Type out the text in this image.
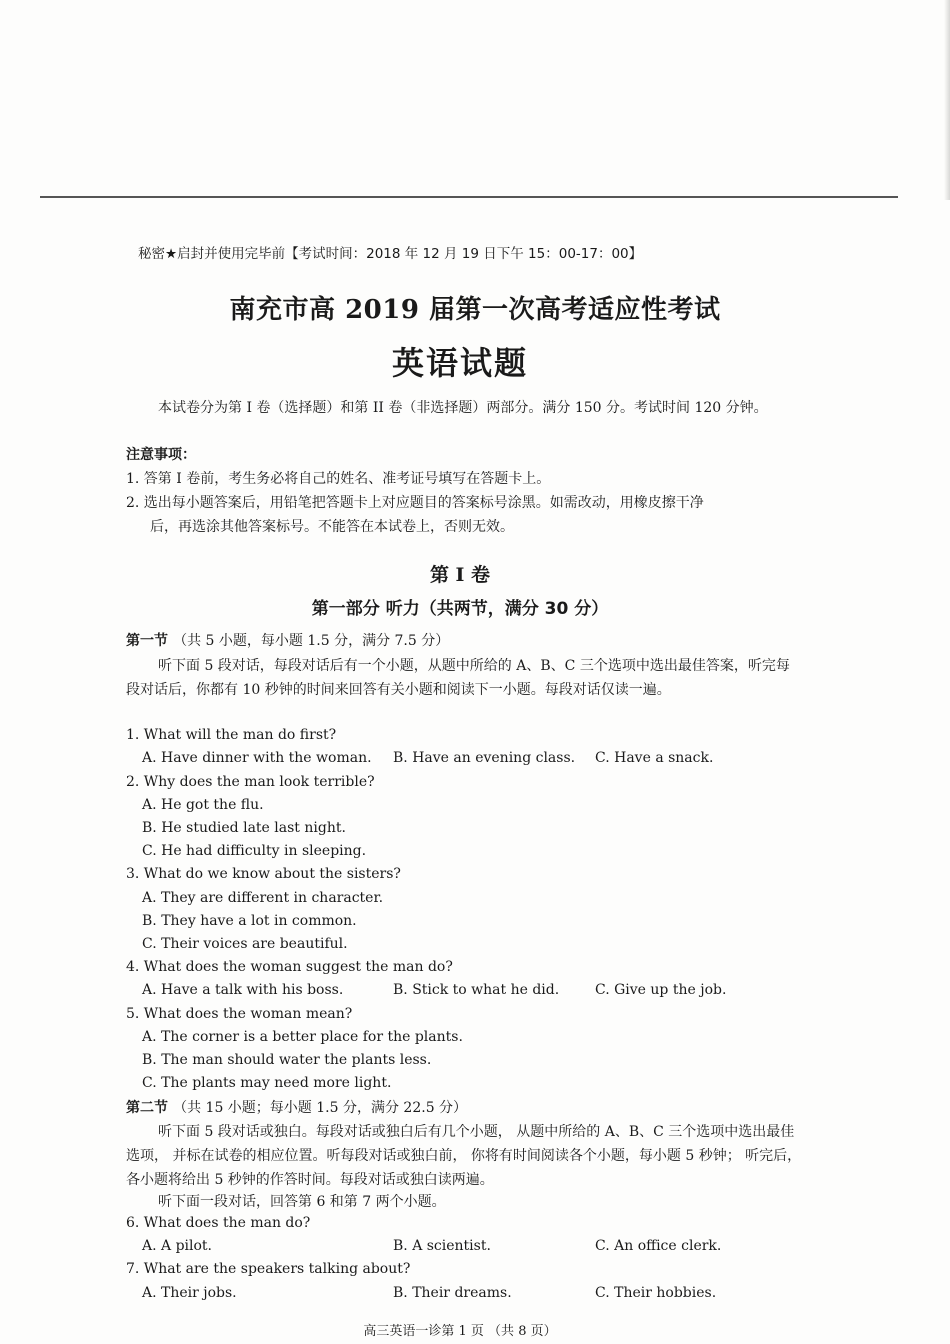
秘密★启封并使用完毕前【考试时间：2018 年 12 月 19 日下午 15：00-17：00】
南充市高 2019 届第一次高考适应性考试
英语试题
本试卷分为第 I 卷（选择题）和第 II 卷（非选择题）两部分。满分 150 分。考试时间 120 分钟。
注意事项：
1. 答第 I 卷前，考生务必将自己的姓名、准考证号填写在答题卡上。
2. 选出每小题答案后，用铅笔把答题卡上对应题目的答案标号涂黑。如需改动，用橡皮擦干净
后，再选涂其他答案标号。不能答在本试卷上，否则无效。
第 I 卷
第一部分 听力（共两节，满分 30 分）
第一节 （共 5 小题，每小题 1.5 分，满分 7.5 分）
听下面 5 段对话，每段对话后有一个小题，从题中所给的 A、B、C 三个选项中选出最佳答案，听完每段对话后，你都有 10 秒钟的时间来回答有关小题和阅读下一小题。每段对话仅读一遍。
1. What will the man do first?
A. Have dinner with the woman. B. Have an evening class. C. Have a snack.
2. Why does the man look terrible?
A. He got the flu.
B. He studied late last night.
C. He had difficulty in sleeping.
3. What do we know about the sisters?
A. They are different in character.
B. They have a lot in common.
C. Their voices are beautiful.
4. What does the woman suggest the man do?
A. Have a talk with his boss.	B. Stick to what he did.	C. Give up the job.
5. What does the woman mean?
A. The corner is a better place for the plants.
B. The man should water the plants less.
C. The plants may need more light.
第二节 （共 15 小题；每小题 1.5 分，满分 22.5 分）
听下面 5 段对话或独白。每段对话或独白后有几个小题， 从题中所给的 A、B、C 三个选项中选出最佳选项， 并标在试卷的相应位置。听每段对话或独白前， 你将有时间阅读各个小题，每小题 5 秒钟； 听完后， 各小题将给出 5 秒钟的作答时间。每段对话或独白读两遍。
听下面一段对话，回答第 6 和第 7 两个小题。
6. What does the man do?
A. A pilot.	B. A scientist.	C. An office clerk.
7. What are the speakers talking about?
A. Their jobs.	B. Their dreams.	C. Their hobbies.
高三英语一诊第 1 页 （共 8 页）
